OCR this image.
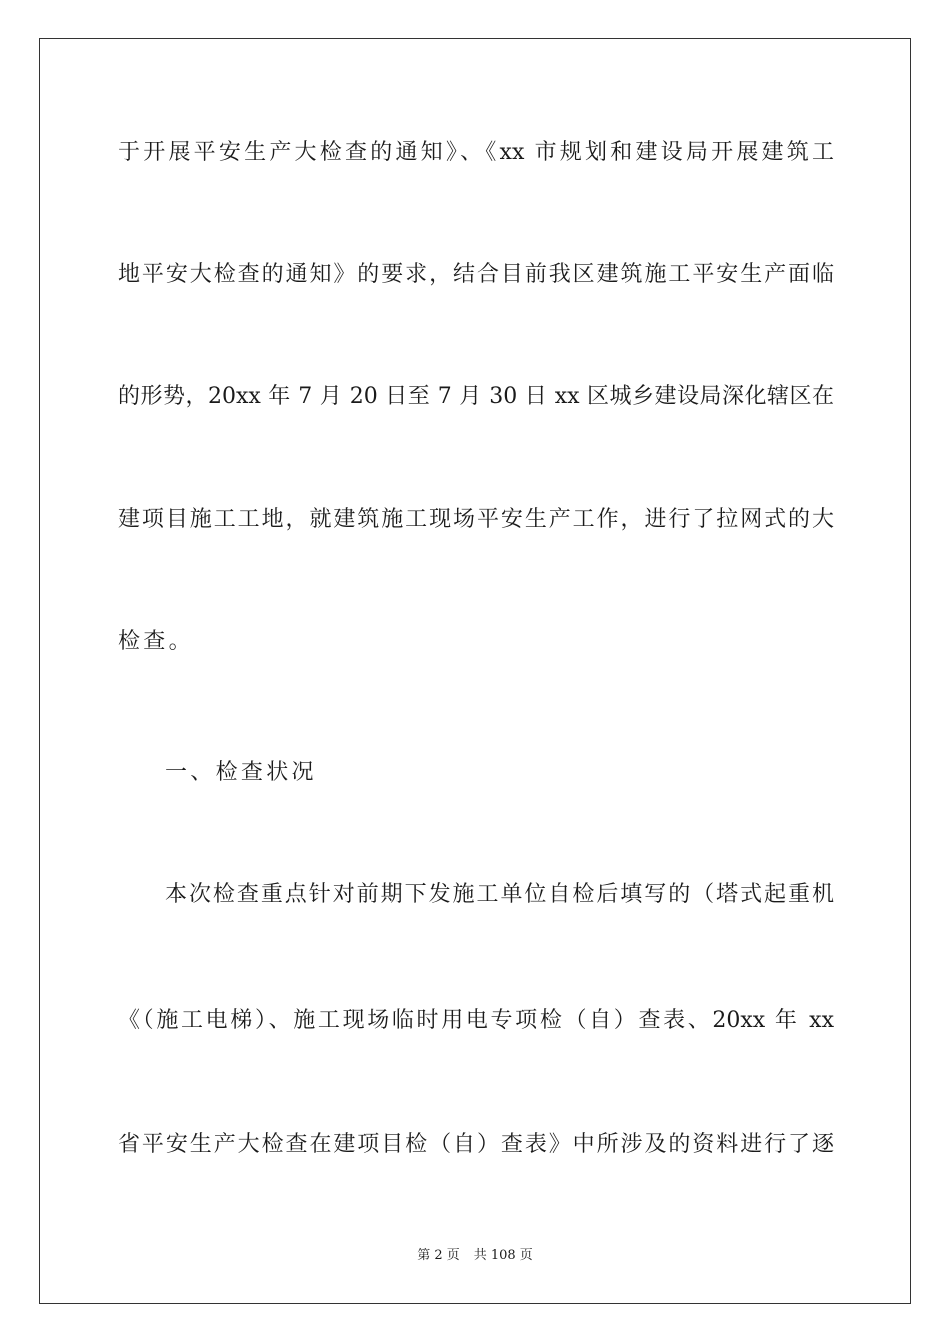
于开展平安生产大检查的通知》、《xx 市规划和建设局开展建筑工
地平安大检查的通知》的要求，结合目前我区建筑施工平安生产面临
的形势，20xx 年 7 月 20 日至 7 月 30 日 xx 区城乡建设局深化辖区在
建项目施工工地，就建筑施工现场平安生产工作，进行了拉网式的大
检查。
一、检查状况
本次检查重点针对前期下发施工单位自检后填写的（塔式起重机
《（施工电梯）、施工现场临时用电专项检（自）查表、20xx 年 xx
省平安生产大检查在建项目检（自）查表》中所涉及的资料进行了逐
第 2 页 共 108 页
